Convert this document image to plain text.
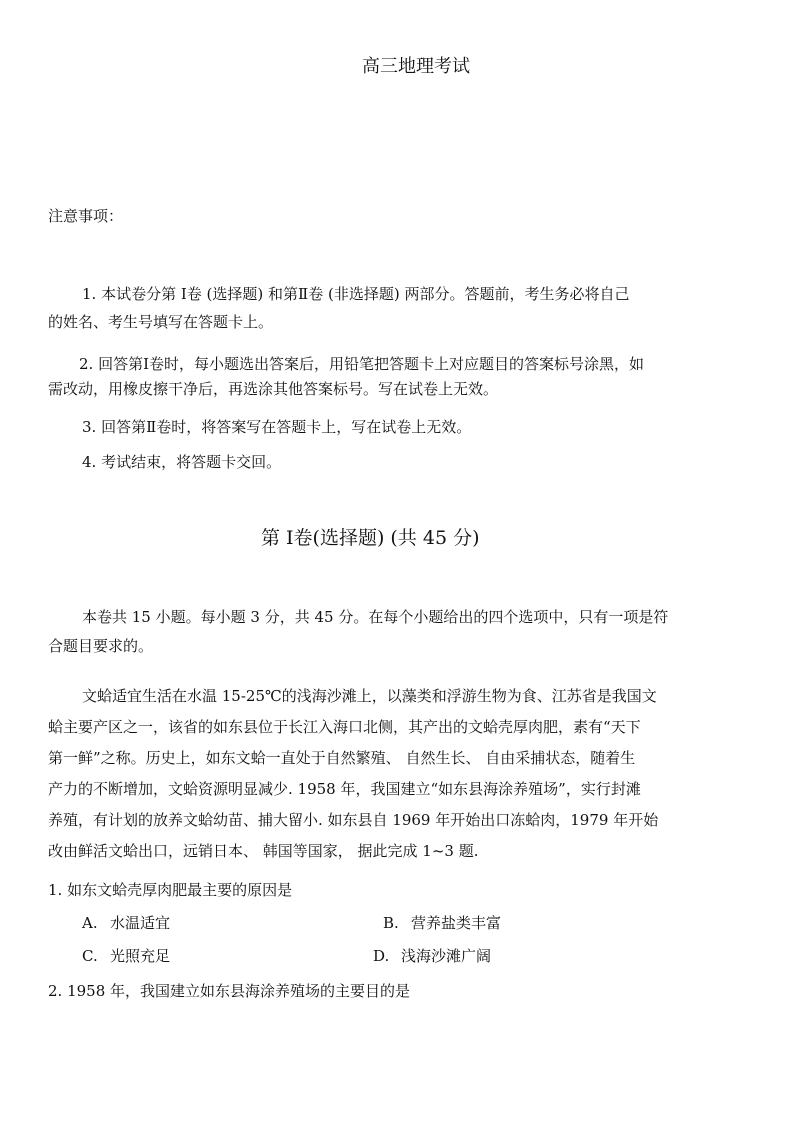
高三地理考试
注意事项：
1. 本试卷分第 Ⅰ卷 (选择题) 和第Ⅱ卷 (非选择题) 两部分。答题前，考生务必将自己
的姓名、考生号填写在答题卡上。
2. 回答第Ⅰ卷时，每小题选出答案后，用铅笔把答题卡上对应题目的答案标号涂黑，如
需改动，用橡皮擦干净后，再选涂其他答案标号。写在试卷上无效。
3. 回答第Ⅱ卷时，将答案写在答题卡上，写在试卷上无效。
4. 考试结束，将答题卡交回。
第 Ⅰ卷(选择题) (共 45 分)
本卷共 15 小题。每小题 3 分，共 45 分。在每个小题给出的四个选项中，只有一项是符
合题目要求的。
文蛤适宜生活在水温 15-25℃的浅海沙滩上，以藻类和浮游生物为食、江苏省是我国文
蛤主要产区之一，该省的如东县位于长江入海口北侧，其产出的文蛤壳厚肉肥，素有“天下
第一鲜”之称。历史上，如东文蛤一直处于自然繁殖、 自然生长、 自由采捕状态，随着生
产力的不断增加，文蛤资源明显减少. 1958 年，我国建立“如东县海涂养殖场”，实行封滩
养殖，有计划的放养文蛤幼苗、捕大留小. 如东县自 1969 年开始出口冻蛤肉，1979 年开始
改由鲜活文蛤出口，远销日本、 韩国等国家， 据此完成 1~3 题.
1. 如东文蛤壳厚肉肥最主要的原因是
A. 水温适宜	B. 营养盐类丰富
C. 光照充足	D. 浅海沙滩广阔
2. 1958 年，我国建立如东县海涂养殖场的主要目的是
